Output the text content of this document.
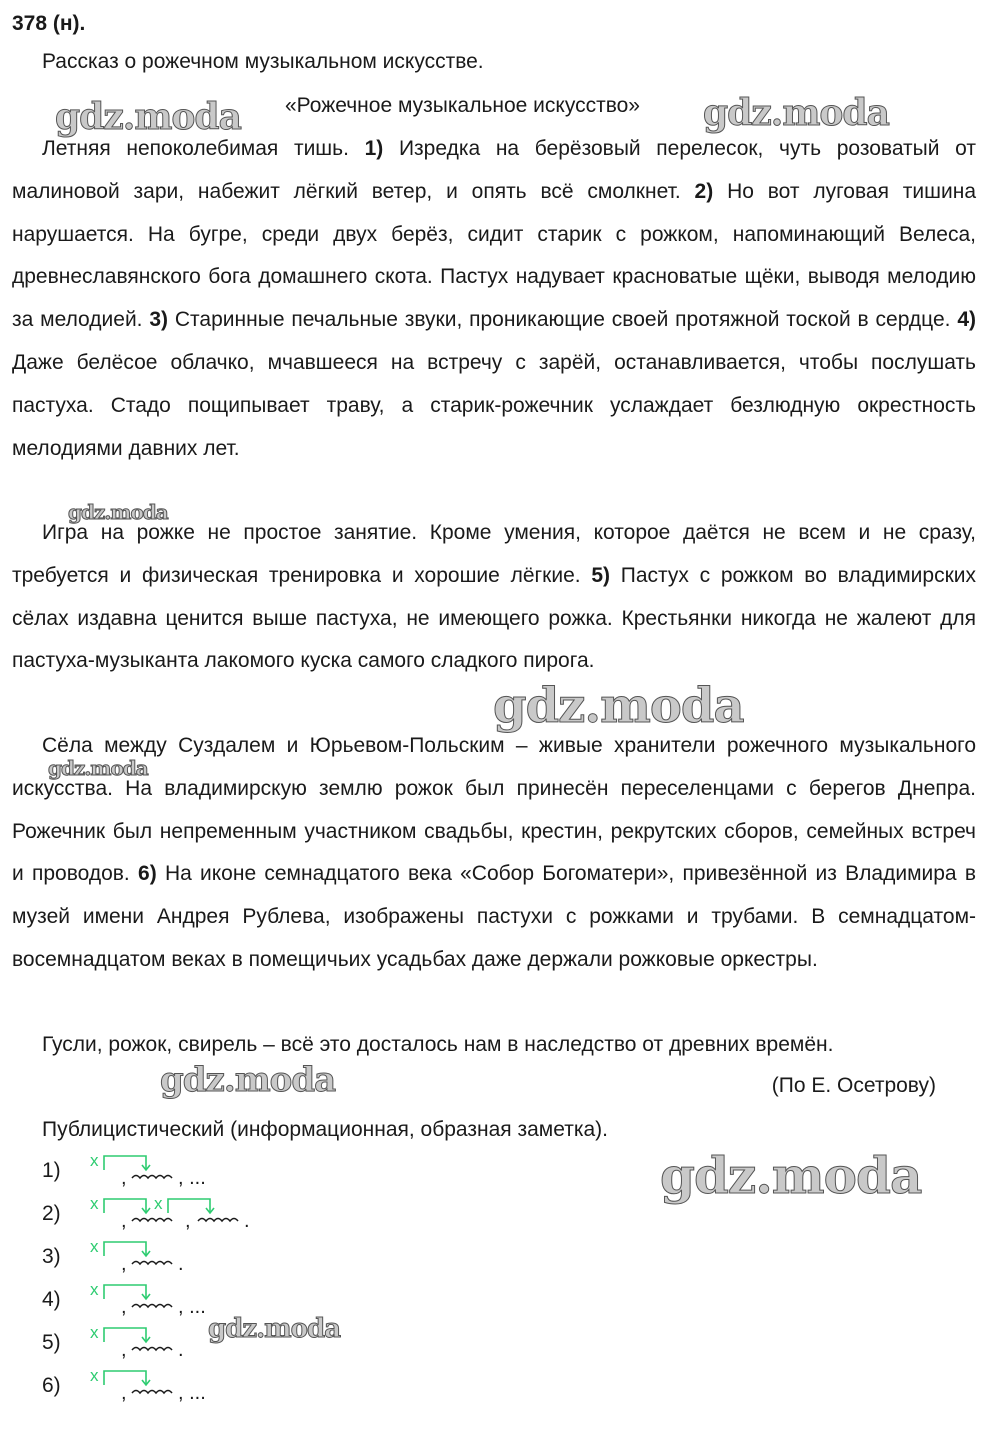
378 (н).
Рассказ о рожечном музыкальном искусстве.
«Рожечное музыкальное искусство»

Летняя непоколебимая тишь. 1) Изредка на берёзовый перелесок, чуть розоватый от малиновой зари, набежит лёгкий ветер, и опять всё смолкнет. 2) Но вот луговая тишина нарушается. На бугре, среди двух берёз, сидит старик с рожком, напоминающий Велеса, древнеславянского бога домашнего скота. Пастух надувает красноватые щёки, выводя мелодию за мелодией. 3) Старинные печальные звуки, проникающие своей протяжной тоской в сердце. 4) Даже белёсое облачко, мчавшееся на встречу с зарёй, останавливается, чтобы послушать пастуха. Стадо пощипывает траву, а старик-рожечник услаждает безлюдную окрестность мелодиями давних лет.

Игра на рожке не простое занятие. Кроме умения, которое даётся не всем и не сразу, требуется и физическая тренировка и хорошие лёгкие. 5) Пастух с рожком во владимирских сёлах издавна ценится выше пастуха, не имеющего рожка. Крестьянки никогда не жалеют для пастуха-музыканта лакомого куска самого сладкого пирога.

Сёла между Суздалем и Юрьевом-Польским – живые хранители рожечного музыкального искусства. На владимирскую землю рожок был принесён переселенцами с берегов Днепра. Рожечник был непременным участником свадьбы, крестин, рекрутских сборов, семейных встреч и проводов. 6) На иконе семнадцатого века «Собор Богоматери», привезённой из Владимира в музей имени Андрея Рублева, изображены пастухи с рожками и трубами. В семнадцатом-восемнадцатом веках в помещичьих усадьбах даже держали рожковые оркестры.

Гусли, рожок, свирель – всё это досталось нам в наследство от древних времён.

(По Е. Осетрову)
Публицистический (информационная, образная заметка).
1) х
,	, ...
2) х
,
х
,	.
3) х
,	.
4) х
,	, ...
5) х
,	.
6) х
,	, ...
gdz.moda	gdz.moda
gdz.moda
gdz.moda
gdz.moda
gdz.moda
gdz.moda
gdz.moda
